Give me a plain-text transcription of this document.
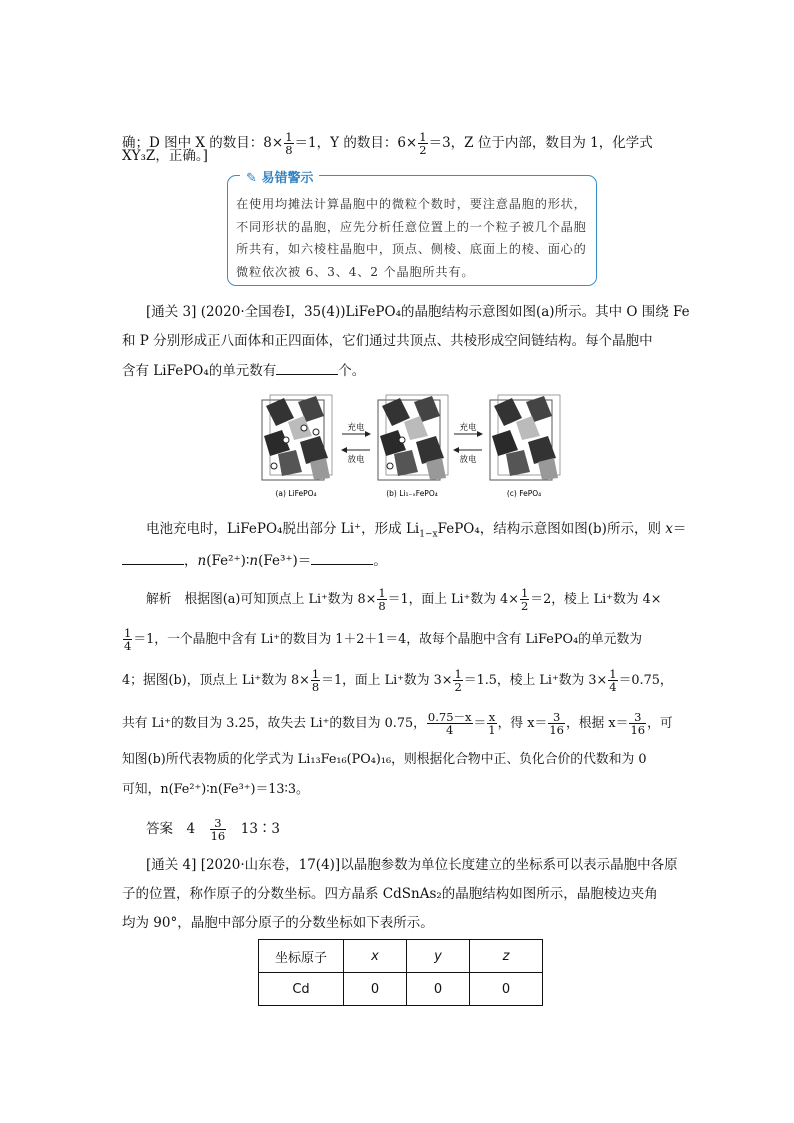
确；D 图中 X 的数目：$8\times \frac{1}{8} =1$，Y 的数目：$6\times \frac{1}{2} =3$，Z 位于内部，数目为 1，化学式
XY₃Z，正确。]
✎ 易错警示
在使用均摊法计算晶胞中的微粒个数时，要注意晶胞的形状，不同形状的晶胞，应先分析任意位置上的一个粒子被几个晶胞所共有，如六棱柱晶胞中，顶点、侧棱、底面上的棱、面心的微粒依次被 6、3、4、2 个晶胞所共有。
[通关 3] (2020·全国卷Ⅰ，35(4))LiFePO₄的晶胞结构示意图如图(a)所示。其中 O 围绕 Fe
和 P 分别形成正八面体和正四面体，它们通过共顶点、共棱形成空间链结构。每个晶胞中
含有 LiFePO₄的单元数有	个。
充电
放电
充电
放电
(a) LiFePO₄	(b) Li₁₋ₓFePO₄	(c) FePO₄
电池充电时，LiFePO₄脱出部分 Li⁺，形成 $Li_{1-x}FePO_4$，结构示意图如图(b)所示，则 x＝
，n(Fe²⁺)∶n(Fe³⁺)＝	。
解析　根据图(a)可知顶点上 Li⁺数为 $8\times \frac{1}{8} =1$，面上 Li⁺数为 $4\times \frac{1}{2} =2$，棱上 Li⁺数为 4×
$\frac{1}{4} =1$，一个晶胞中含有 Li⁺的数目为 1＋2＋1＝4，故每个晶胞中含有 LiFePO₄的单元数为
4；据图(b)，顶点上 Li⁺数为 $8\times \frac{1}{8} =1$，面上 Li⁺数为 $3\times \frac{1}{2} =1.5$，棱上 Li⁺数为 $3\times \frac{1}{4} =0.75$，
共有 Li⁺的数目为 3.25，故失去 Li⁺的数目为 0.75， $\frac{0.75-x}{4} = \frac{x}{1}$ ，得 $x= \frac{3}{16}$ ，根据 $x= \frac{3}{16}$ ，可
知图(b)所代表物质的化学式为 Li₁₃Fe₁₆(PO₄)₁₆，则根据化合物中正、负化合价的代数和为 0
可知，n(Fe²⁺)∶n(Fe³⁺)＝13∶3。
答案　 4　 $\frac{3}{16}$
　 13∶3
[通关 4] [2020·山东卷，17(4)]以晶胞参数为单位长度建立的坐标系可以表示晶胞中各原
子的位置，称作原子的分数坐标。四方晶系 CdSnAs₂的晶胞结构如图所示，晶胞棱边夹角
均为 90°，晶胞中部分原子的分数坐标如下表所示。
坐标原子	x	y	z
Cd	0	0	0
